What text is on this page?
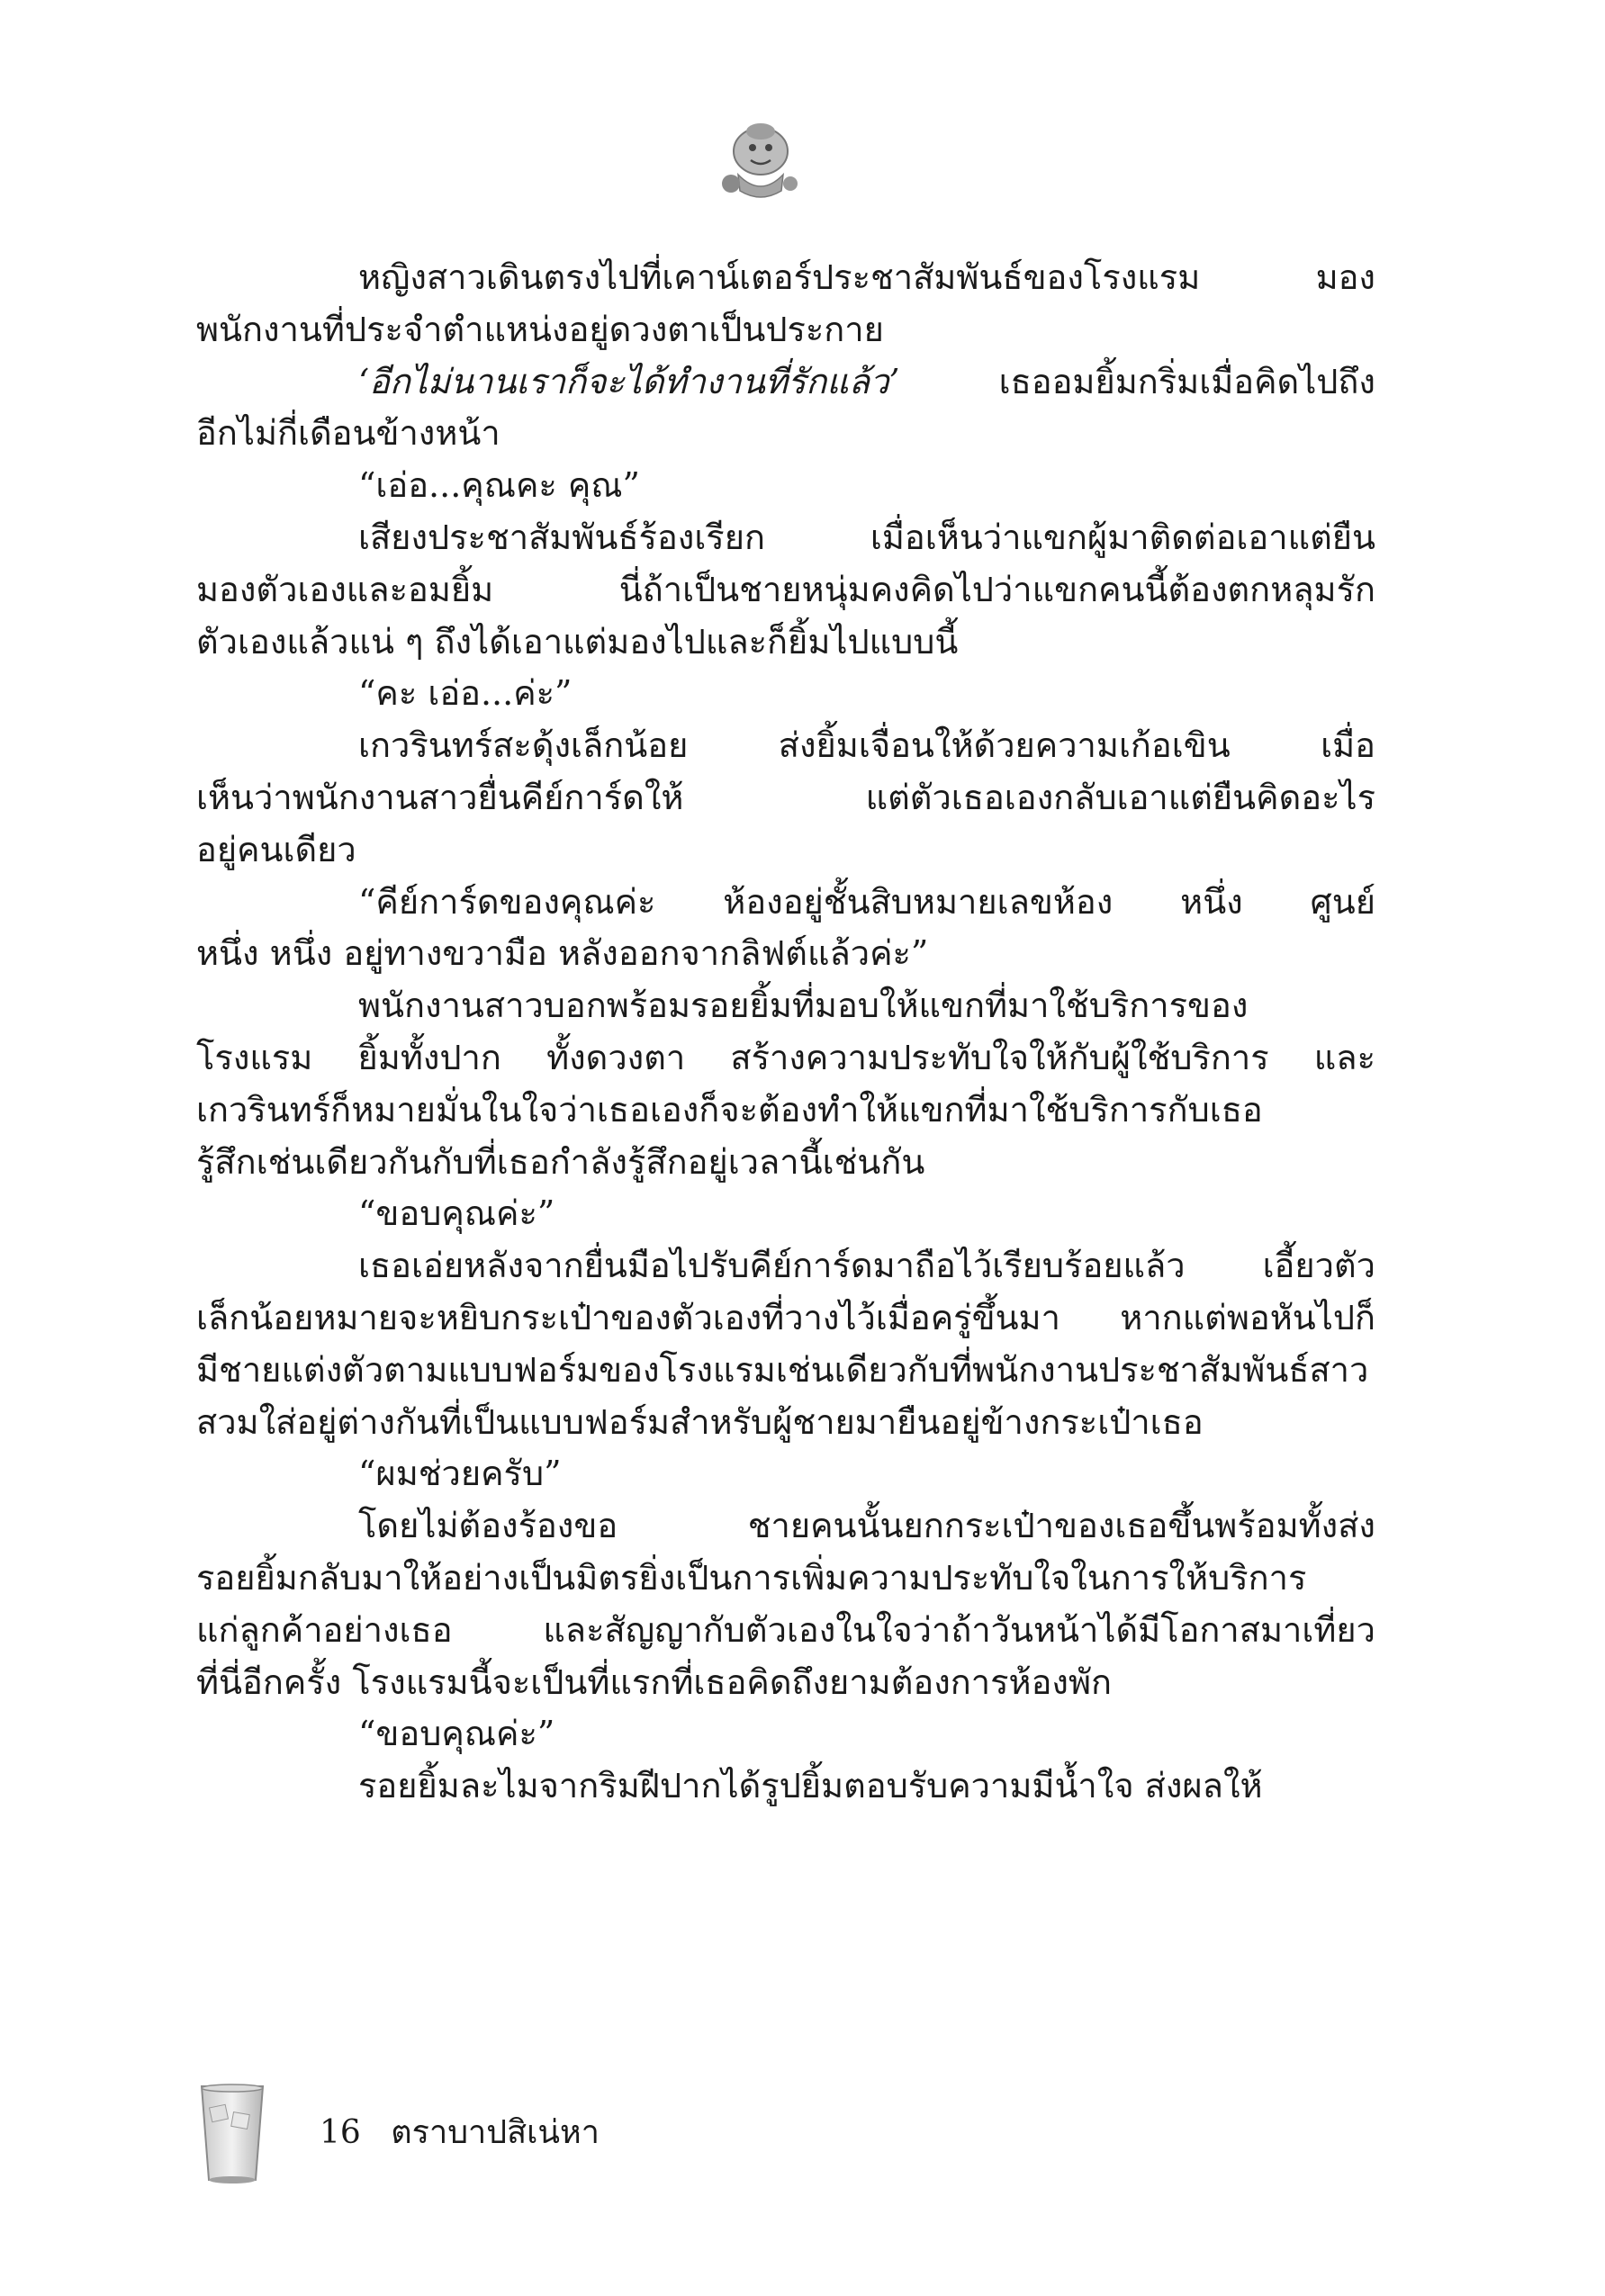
หญิงสาวเดินตรงไปที่เคาน์เตอร์ประชาสัมพันธ์ของโรงแรม มอง
พนักงานที่ประจำตำแหน่งอยู่ดวงตาเป็นประกาย
‘อีกไม่นานเราก็จะได้ทำงานที่รักแล้ว’ เธออมยิ้มกริ่มเมื่อคิดไปถึง
อีกไม่กี่เดือนข้างหน้า
“เอ่อ...คุณคะ คุณ”
เสียงประชาสัมพันธ์ร้องเรียก เมื่อเห็นว่าแขกผู้มาติดต่อเอาแต่ยืน
มองตัวเองและอมยิ้ม นี่ถ้าเป็นชายหนุ่มคงคิดไปว่าแขกคนนี้ต้องตกหลุมรัก
ตัวเองแล้วแน่ ๆ ถึงได้เอาแต่มองไปและก็ยิ้มไปแบบนี้
“คะ เอ่อ...ค่ะ”
เกวรินทร์สะดุ้งเล็กน้อย ส่งยิ้มเจื่อนให้ด้วยความเก้อเขิน เมื่อ
เห็นว่าพนักงานสาวยื่นคีย์การ์ดให้ แต่ตัวเธอเองกลับเอาแต่ยืนคิดอะไร
อยู่คนเดียว
“คีย์การ์ดของคุณค่ะ ห้องอยู่ชั้นสิบหมายเลขห้อง หนึ่ง ศูนย์
หนึ่ง หนึ่ง อยู่ทางขวามือ หลังออกจากลิฟต์แล้วค่ะ”
พนักงานสาวบอกพร้อมรอยยิ้มที่มอบให้แขกที่มาใช้บริการของ
โรงแรม ยิ้มทั้งปาก ทั้งดวงตา สร้างความประทับใจให้กับผู้ใช้บริการ และ
เกวรินทร์ก็หมายมั่นในใจว่าเธอเองก็จะต้องทำให้แขกที่มาใช้บริการกับเธอ
รู้สึกเช่นเดียวกันกับที่เธอกำลังรู้สึกอยู่เวลานี้เช่นกัน
“ขอบคุณค่ะ”
เธอเอ่ยหลังจากยื่นมือไปรับคีย์การ์ดมาถือไว้เรียบร้อยแล้ว เอี้ยวตัว
เล็กน้อยหมายจะหยิบกระเป๋าของตัวเองที่วางไว้เมื่อครู่ขึ้นมา หากแต่พอหันไปก็
มีชายแต่งตัวตามแบบฟอร์มของโรงแรมเช่นเดียวกับที่พนักงานประชาสัมพันธ์สาว
สวมใส่อยู่ต่างกันที่เป็นแบบฟอร์มสำหรับผู้ชายมายืนอยู่ข้างกระเป๋าเธอ
“ผมช่วยครับ”
โดยไม่ต้องร้องขอ ชายคนนั้นยกกระเป๋าของเธอขึ้นพร้อมทั้งส่ง
รอยยิ้มกลับมาให้อย่างเป็นมิตรยิ่งเป็นการเพิ่มความประทับใจในการให้บริการ
แก่ลูกค้าอย่างเธอ และสัญญากับตัวเองในใจว่าถ้าวันหน้าได้มีโอกาสมาเที่ยว
ที่นี่อีกครั้ง โรงแรมนี้จะเป็นที่แรกที่เธอคิดถึงยามต้องการห้องพัก
“ขอบคุณค่ะ”
รอยยิ้มละไมจากริมฝีปากได้รูปยิ้มตอบรับความมีน้ำใจ ส่งผลให้
16 ตราบาปสิเน่หา
